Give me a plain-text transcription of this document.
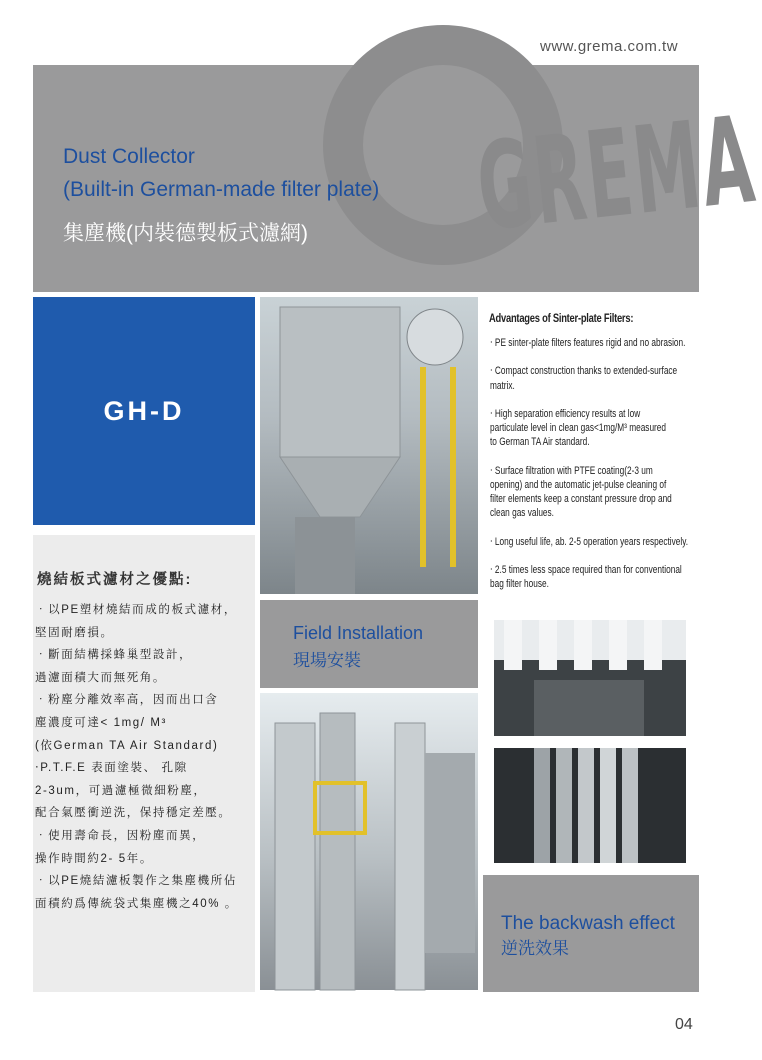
www.grema.com.tw
GREMA
Dust Collector
(Built-in German-made filter plate)
集塵機(内裝德製板式濾網)
GH-D
Field Installation
現場安裝
燒結板式濾材之優點:
‧以PE塑材燒結而成的板式濾材，
堅固耐磨損。
‧斷面結構採蜂巢型設計，
過濾面積大而無死角。
‧粉塵分離效率高，因而出口含
塵濃度可達< 1mg/ M³
(依German TA Air Standard)
‧P.T.F.E 表面塗裝、 孔隙
2-3um，可過濾極微細粉塵，
配合氣壓衝逆洗，保持穩定差壓。
‧使用壽命長，因粉塵而異，
操作時間約2- 5年。
‧以PE燒結濾板製作之集塵機所佔
面積約爲傳統袋式集塵機之40% 。
Advantages of Sinter-plate Filters:
‧ PE sinter-plate filters features rigid and no abrasion.
‧ Compact construction thanks to extended-surface
matrix.
‧ High separation efficiency results at low
particulate level in clean gas<1mg/M³ measured
to German TA Air standard.
‧ Surface filtration with PTFE coating(2-3 um
opening) and the automatic jet-pulse cleaning of
filter elements keep a constant pressure drop and
clean gas values.
‧ Long useful life, ab. 2-5 operation years respectively.
‧ 2.5 times less space required than for conventional
bag filter house.
The backwash effect
逆洗效果
04
